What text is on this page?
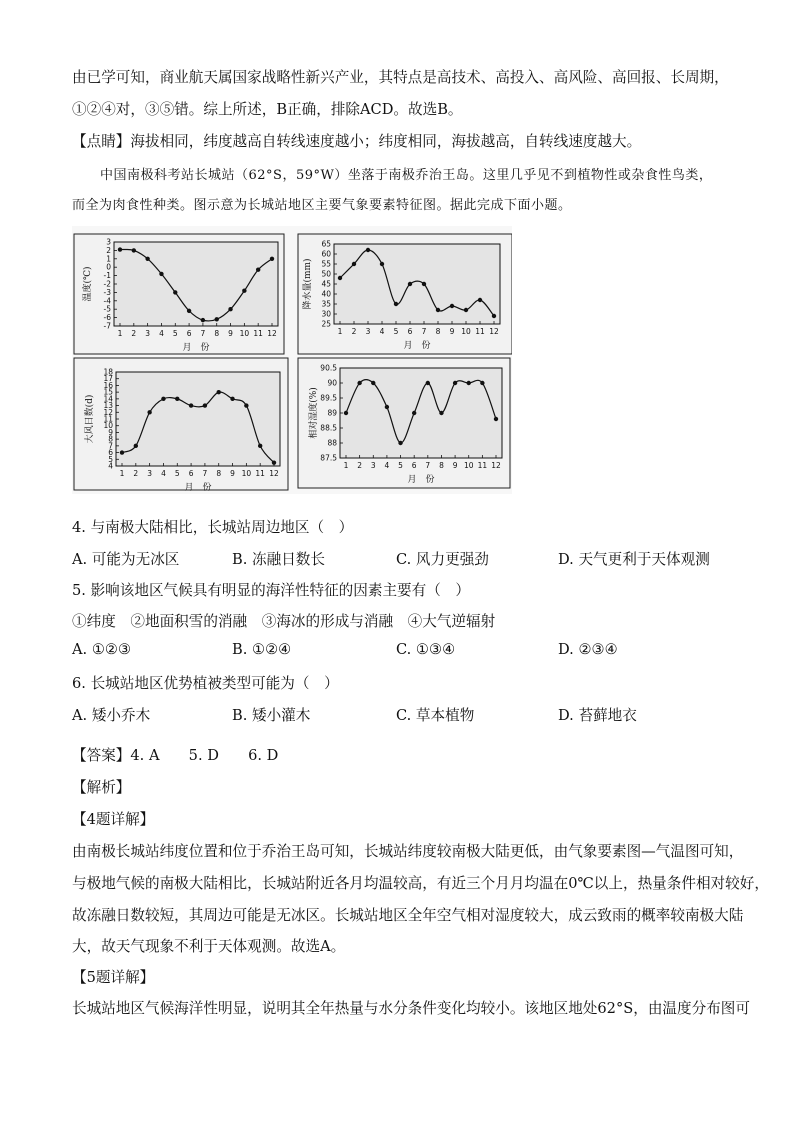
由已学可知，商业航天属国家战略性新兴产业，其特点是高技术、高投入、高风险、高回报、长周期，
①②④对，③⑤错。综上所述，B正确，排除ACD。故选B。
【点睛】海拔相同，纬度越高自转线速度越小；纬度相同，海拔越高，自转线速度越大。
中国南极科考站长城站（62°S，59°W）坐落于南极乔治王岛。这里几乎见不到植物性或杂食性鸟类，
而全为肉食性种类。图示意为长城站地区主要气象要素特征图。据此完成下面小题。
3
2
1
0
-1
-2
-3
-4
-5
-6
-7
1 2 3 4 5 6 7 8 9 10 11 12
温度(℃)
月　份
65
60
55
50
45
40
35
30
25
1 2 3 4 5 6 7 8 9 10 11 12
降水量(mm)
月　份
18
17
16
15
14
13
12
11
10
9
8
7
6
5
4
1 2 3 4 5 6 7 8 9 10 11 12
大风日数(d)
月　份
90.5
90
89.5
89
88.5
88
87.5
1 2 3 4 5 6 7 8 9 10 11 12
相对湿度(%)
月　份
4. 与南极大陆相比，长城站周边地区（　）
A. 可能为无冰区	B. 冻融日数长	C. 风力更强劲	D. 天气更利于天体观测
5. 影响该地区气候具有明显的海洋性特征的因素主要有（　）
①纬度　②地面积雪的消融　③海冰的形成与消融　④大气逆辐射
A. ①②③	B. ①②④	C. ①③④	D. ②③④
6. 长城站地区优势植被类型可能为（　）
A. 矮小乔木	B. 矮小灌木	C. 草本植物	D. 苔藓地衣
【答案】4. A　　5. D　　6. D
【解析】
【4题详解】
由南极长城站纬度位置和位于乔治王岛可知，长城站纬度较南极大陆更低，由气象要素图—气温图可知，
与极地气候的南极大陆相比，长城站附近各月均温较高，有近三个月月均温在0℃以上，热量条件相对较好，
故冻融日数较短，其周边可能是无冰区。长城站地区全年空气相对湿度较大，成云致雨的概率较南极大陆
大，故天气现象不利于天体观测。故选A。
【5题详解】
长城站地区气候海洋性明显，说明其全年热量与水分条件变化均较小。该地区地处62°S，由温度分布图可
